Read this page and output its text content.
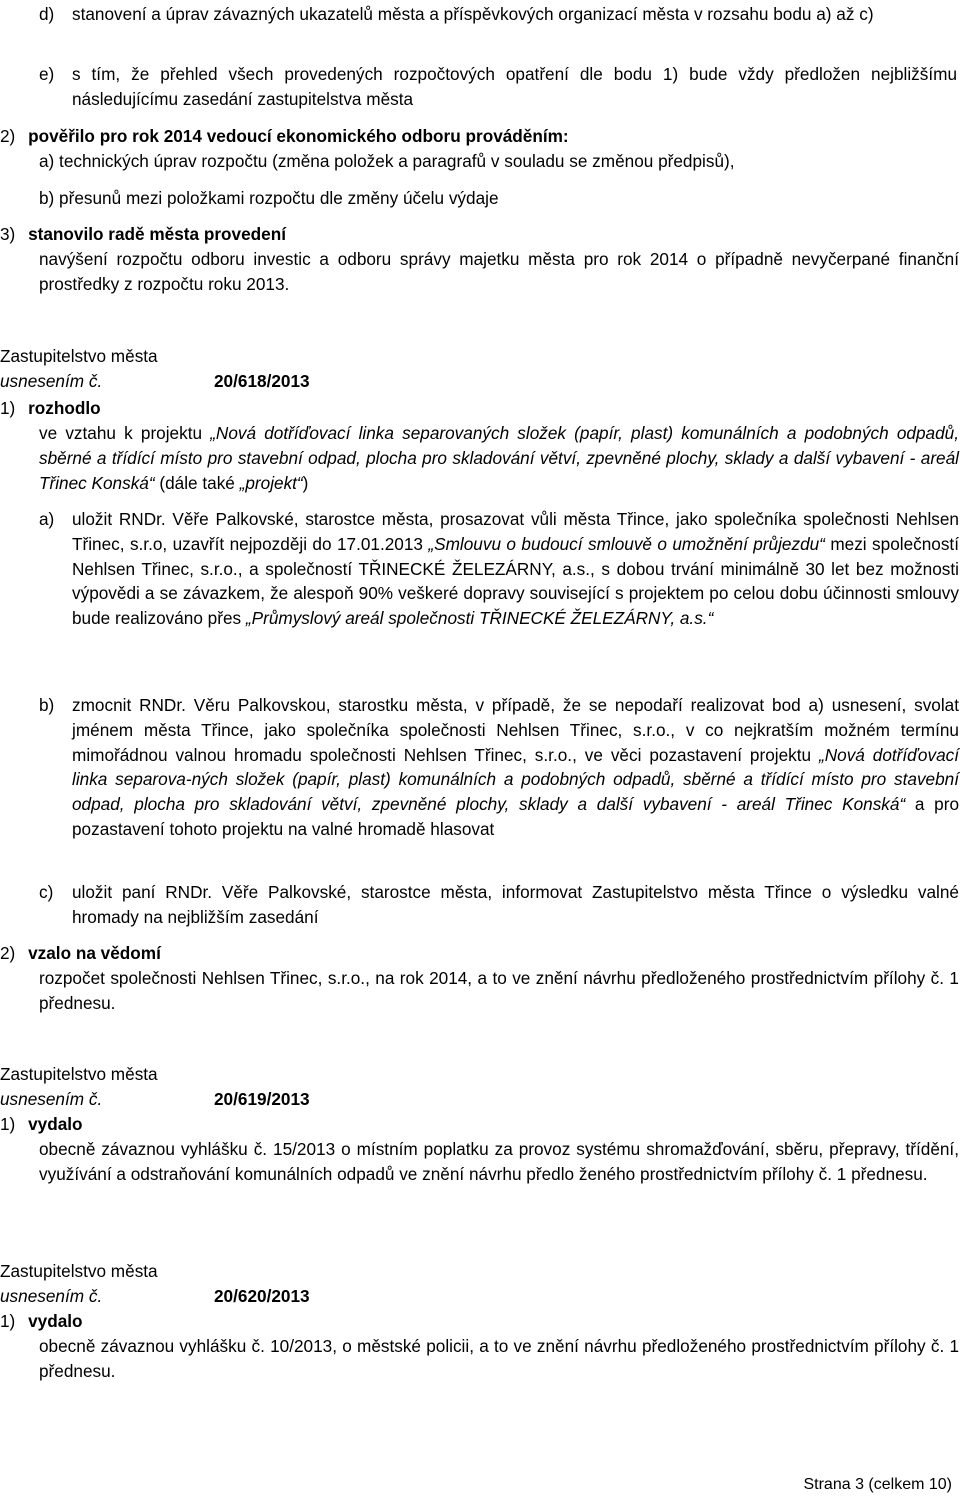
d)	stanovení a úprav závazných ukazatelů města a příspěvkových organizací města v rozsahu bodu a) až c)
e)	s tím, že přehled všech provedených rozpočtových opatření dle bodu 1) bude vždy předložen nejbližšímu následujícímu zasedání zastupitelstva města
2) pověřilo pro rok 2014 vedoucí ekonomického odboru prováděním:
a) technických úprav rozpočtu (změna položek a paragrafů v souladu se změnou předpisů),
b) přesunů mezi položkami rozpočtu dle změny účelu výdaje
3) stanovilo radě města provedení
navýšení rozpočtu odboru investic a odboru správy majetku města pro rok 2014 o případně nevyčerpané finanční prostředky z rozpočtu roku 2013.
Zastupitelstvo města
usnesením č.	20/618/2013
1) rozhodlo
ve vztahu k projektu „Nová dotříďovací linka separovaných složek (papír, plast) komunálních a podobných odpadů, sběrné a třídící místo pro stavební odpad, plocha pro skladování větví, zpevněné plochy, sklady a další vybavení - areál Třinec Konská“ (dále také „projekt“)
a)	uložit RNDr. Věře Palkovské, starostce města, prosazovat vůli města Třince, jako společníka společnosti Nehlsen Třinec, s.r.o, uzavřít nejpozději do 17.01.2013 „Smlouvu o budoucí smlouvě o umožnění průjezdu“ mezi společností Nehlsen Třinec, s.r.o., a společností TŘINECKÉ ŽELEZÁRNY, a.s., s dobou trvání minimálně 30 let bez možnosti výpovědi a se závazkem, že alespoň 90% veškeré dopravy související s projektem po celou dobu účinnosti smlouvy bude realizováno přes „Průmyslový areál společnosti TŘINECKÉ ŽELEZÁRNY, a.s.“
b)	zmocnit RNDr. Věru Palkovskou, starostku města, v případě, že se nepodaří realizovat bod a) usnesení, svolat jménem města Třince, jako společníka společnosti Nehlsen Třinec, s.r.o., v co nejkratším možném termínu mimořádnou valnou hromadu společnosti Nehlsen Třinec, s.r.o., ve věci pozastavení projektu „Nová dotříďovací linka separova-ných složek (papír, plast) komunálních a podobných odpadů, sběrné a třídící místo pro stavební odpad, plocha pro skladování větví, zpevněné plochy, sklady a další vybavení - areál Třinec Konská“ a pro pozastavení tohoto projektu na valné hromadě hlasovat
c)	uložit paní RNDr. Věře Palkovské, starostce města, informovat Zastupitelstvo města Třince o výsledku valné hromady na nejbližším zasedání
2) vzalo na vědomí
rozpočet společnosti Nehlsen Třinec, s.r.o., na rok 2014, a to ve znění návrhu předloženého prostřednictvím přílohy č. 1 přednesu.
Zastupitelstvo města
usnesením č.	20/619/2013
1) vydalo
obecně závaznou vyhlášku č. 15/2013 o místním poplatku za provoz systému shromažďování, sběru, přepravy, třídění, využívání a odstraňování komunálních odpadů ve znění návrhu předlo ženého prostřednictvím přílohy č. 1 přednesu.
Zastupitelstvo města
usnesením č.	20/620/2013
1) vydalo
obecně závaznou vyhlášku č. 10/2013, o městské policii, a to ve znění návrhu předloženého prostřednictvím přílohy č. 1 přednesu.
Strana 3 (celkem 10)
